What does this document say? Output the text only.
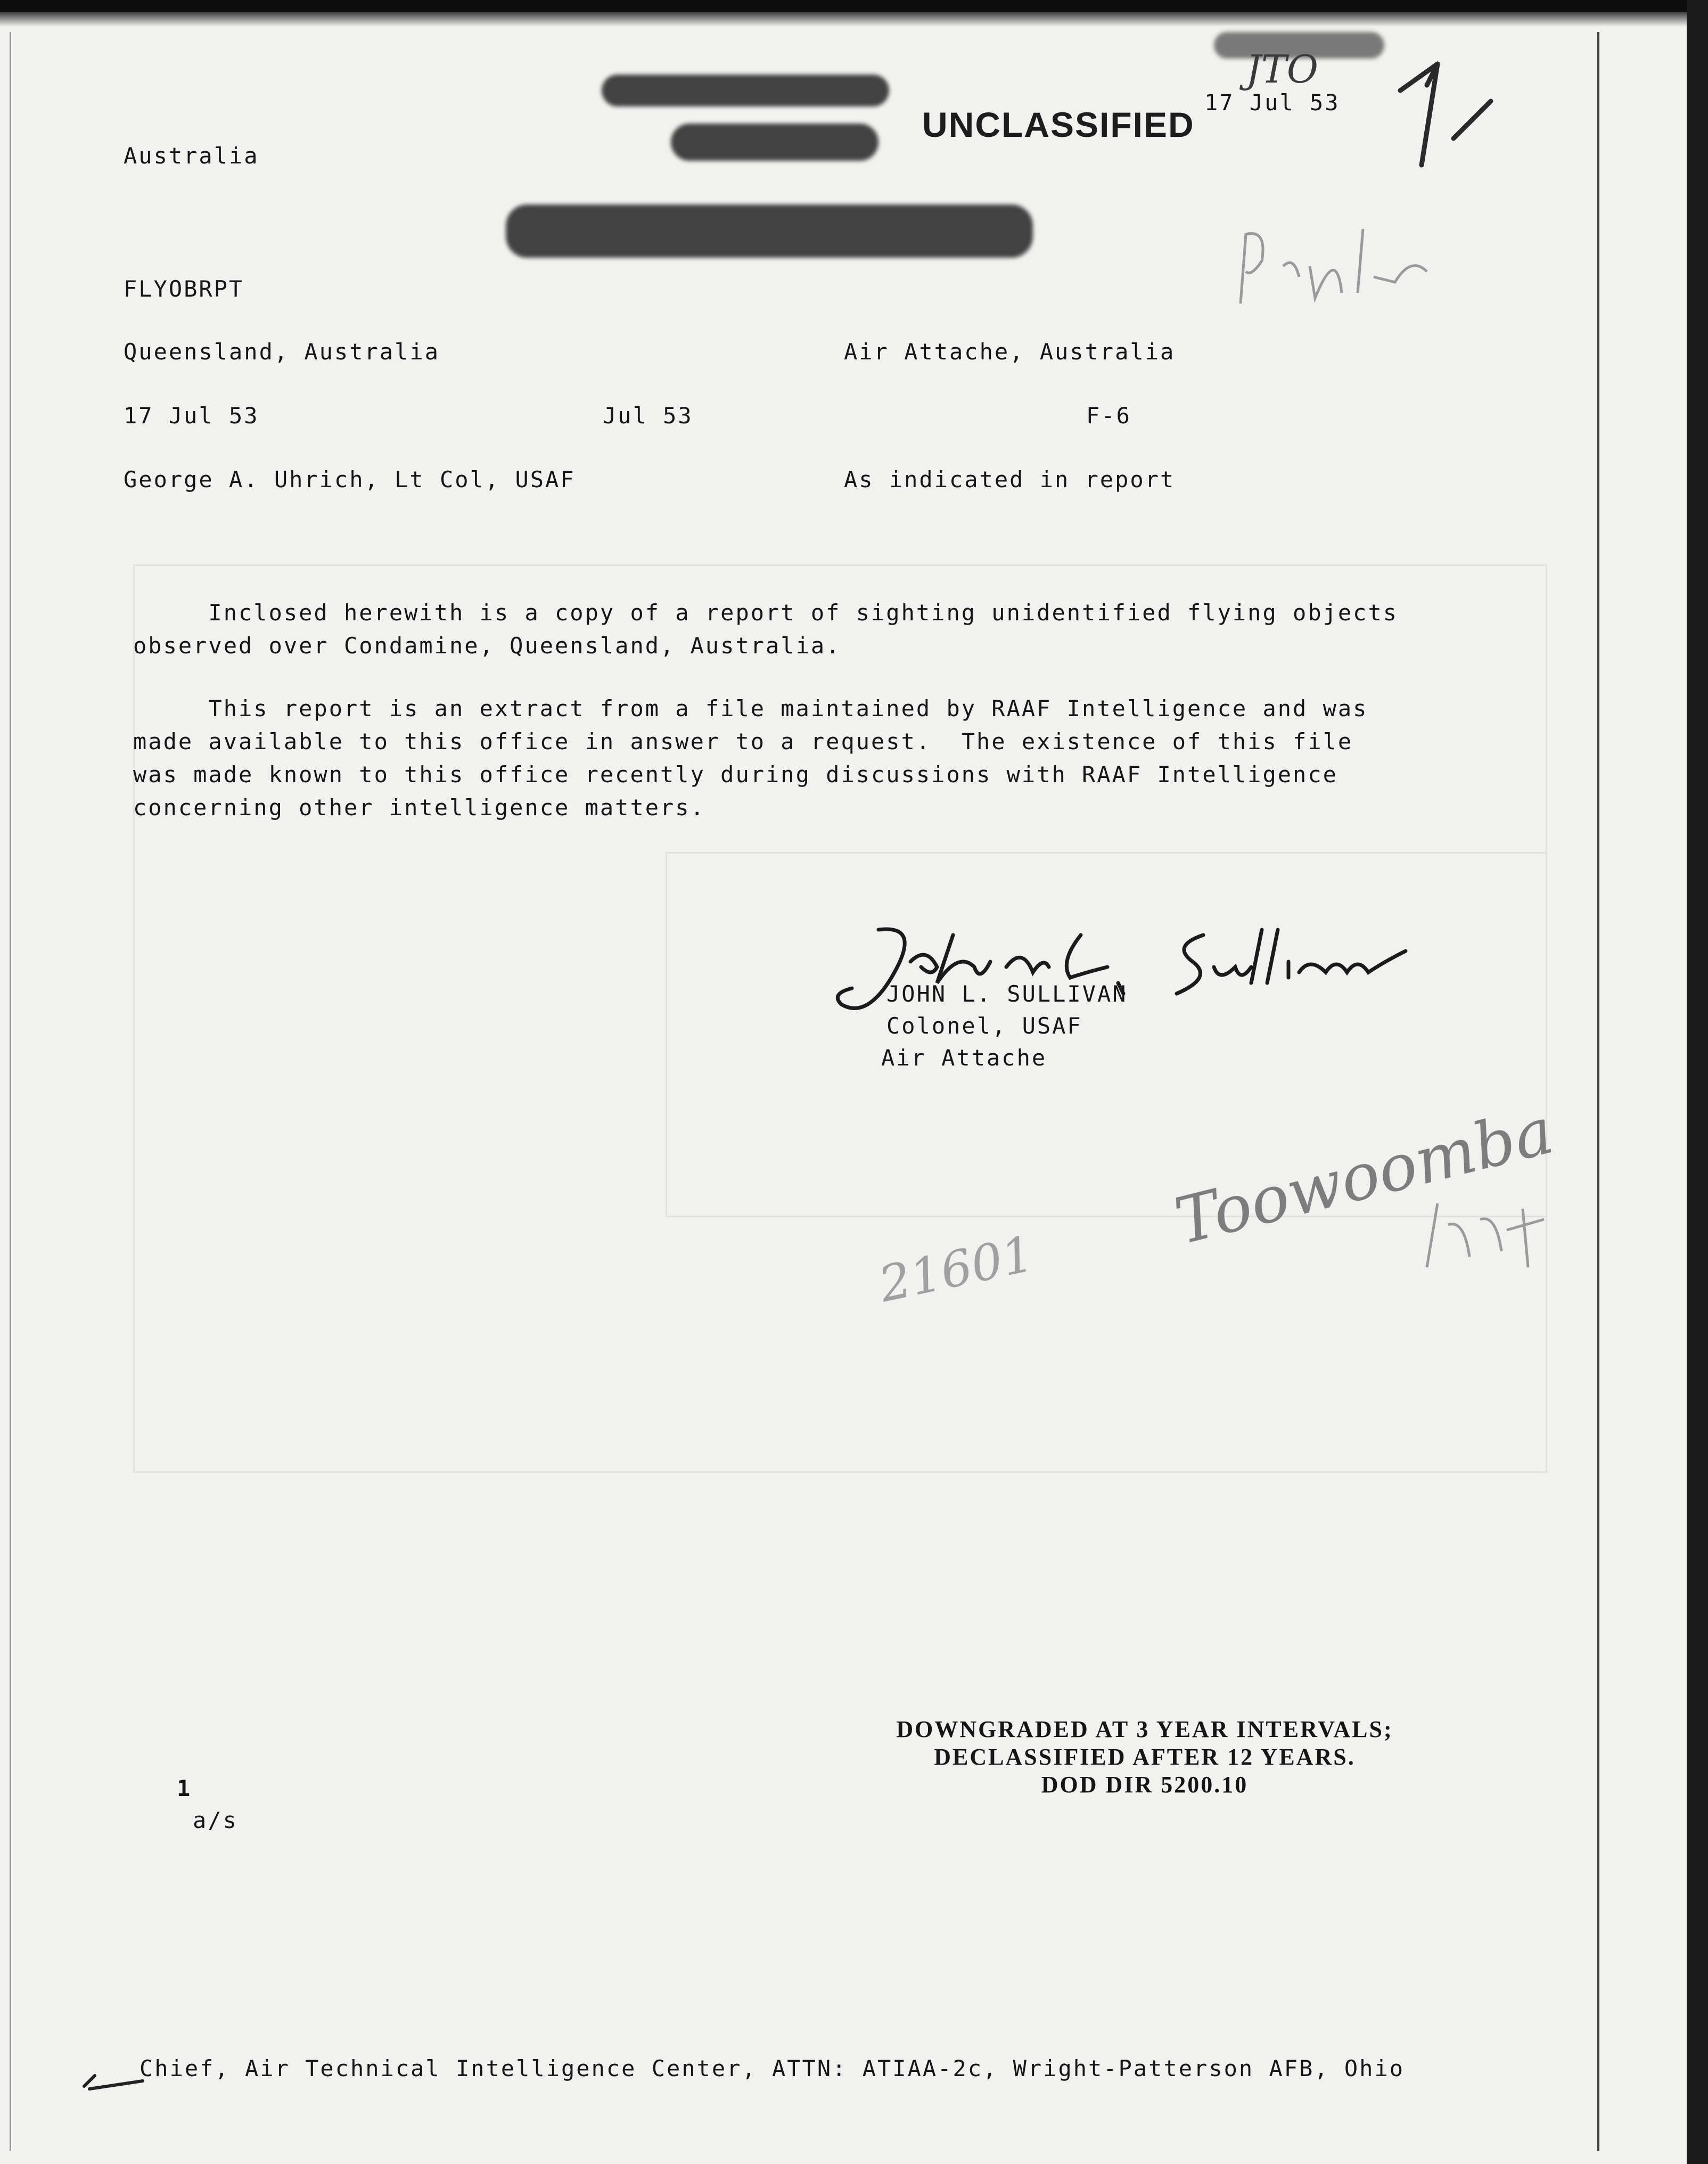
UNCLASSIFIED
17 Jul 53
Australia
JTO
Toowoomba
21601
FLYOBRPT
Queensland, Australia	Air Attache, Australia
17 Jul 53	Jul 53	F-6
George A. Uhrich, Lt Col, USAF	As indicated in report
Inclosed herewith is a copy of a report of sighting unidentified flying objects
observed over Condamine, Queensland, Australia.
This report is an extract from a file maintained by RAAF Intelligence and was
made available to this office in answer to a request.  The existence of this file
was made known to this office recently during discussions with RAAF Intelligence
concerning other intelligence matters.
JOHN L. SULLIVAN
Colonel, USAF
Air Attache
DOWNGRADED AT 3 YEAR INTERVALS;
DECLASSIFIED AFTER 12 YEARS.
DOD DIR 5200.10
1
a/s
Chief, Air Technical Intelligence Center, ATTN: ATIAA-2c, Wright-Patterson AFB, Ohio
